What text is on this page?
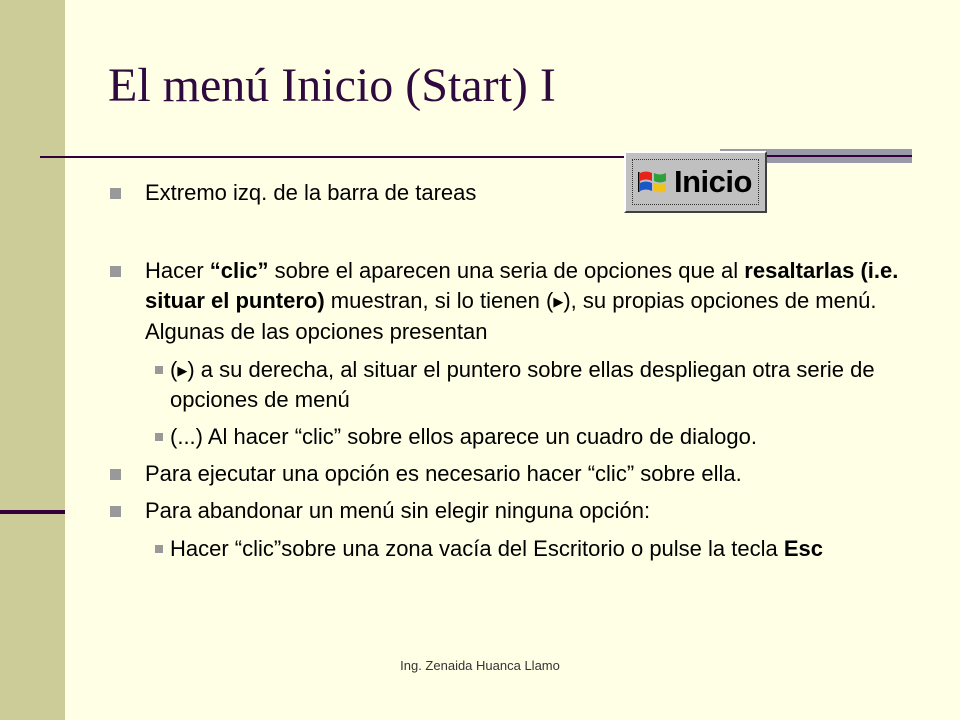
El menú Inicio (Start) I
Inicio
Extremo izq. de la barra de tareas
Hacer “clic” sobre el aparecen una seria de opciones que al resaltarlas (i.e. situar el puntero) muestran, si lo tienen (▶), su propias opciones de menú. Algunas de las opciones presentan
(▶) a su derecha, al situar el puntero sobre ellas despliegan otra serie de opciones de menú
(...) Al hacer “clic” sobre ellos aparece un cuadro de dialogo.
Para ejecutar una opción es necesario hacer “clic” sobre ella.
Para abandonar un menú sin elegir ninguna opción:
Hacer “clic”sobre una zona vacía del Escritorio o pulse la tecla Esc
Ing. Zenaida Huanca Llamo
